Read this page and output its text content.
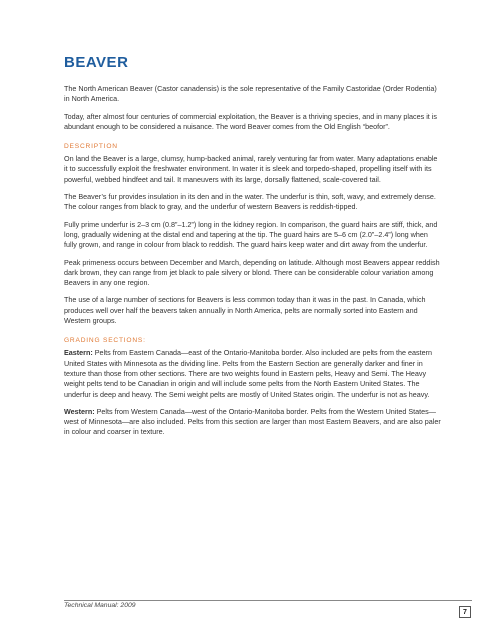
BEAVER

The North American Beaver (Castor canadensis) is the sole representative of the Family Castoridae (Order Rodentia) in North America.

Today, after almost four centuries of commercial exploitation, the Beaver is a thriving species, and in many places it is abundant enough to be considered a nuisance. The word Beaver comes from the Old English “beofor”.

DESCRIPTION

On land the Beaver is a large, clumsy, hump-backed animal, rarely venturing far from water. Many adaptations enable it to successfully exploit the freshwater environment. In water it is sleek and torpedo-shaped, propelling itself with its powerful, webbed hindfeet and tail. It maneuvers with its large, dorsally flattened, scale-covered tail.

The Beaver’s fur provides insulation in its den and in the water. The underfur is thin, soft, wavy, and extremely dense. The colour ranges from black to gray, and the underfur of western Beavers is reddish-tipped.

Fully prime underfur is 2–3 cm (0.8”–1.2”) long in the kidney region. In comparison, the guard hairs are stiff, thick, and long, gradually widening at the distal end and tapering at the tip. The guard hairs are 5–6 cm (2.0”–2.4”) long when fully grown, and range in colour from black to reddish. The guard hairs keep water and dirt away from the underfur.

Peak primeness occurs between December and March, depending on latitude. Although most Beavers appear reddish dark brown, they can range from jet black to pale silvery or blond. There can be considerable colour variation among Beavers in any one region.

The use of a large number of sections for Beavers is less common today than it was in the past. In Canada, which produces well over half the beavers taken annually in North America, pelts are normally sorted into Eastern and Western groups.

GRADING SECTIONS:

Eastern: Pelts from Eastern Canada—east of the Ontario-Manitoba border. Also included are pelts from the eastern United States with Minnesota as the dividing line. Pelts from the Eastern Section are generally darker and finer in texture than those from other sections. There are two weights found in Eastern pelts, Heavy and Semi. The Heavy weight pelts tend to be Canadian in origin and will include some pelts from the North Eastern United States. The underfur is deep and heavy. The Semi weight pelts are mostly of United States origin. The underfur is not as heavy.

Western: Pelts from Western Canada—west of the Ontario-Manitoba border. Pelts from the Western United States—west of Minnesota—are also included. Pelts from this section are larger than most Eastern Beavers, and are also paler in colour and coarser in texture.

Technical Manual: 2009
7
